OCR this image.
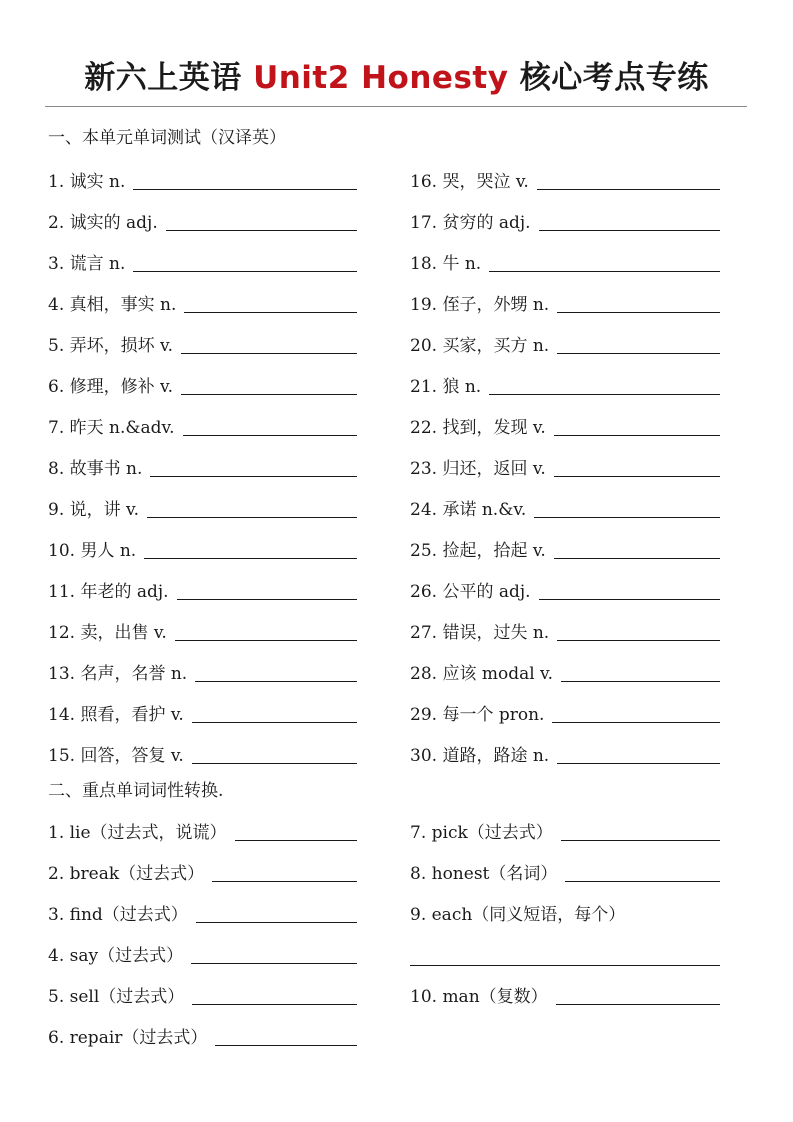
新六上英语 Unit2 Honesty 核心考点专练
一、本单元单词测试（汉译英）
1. 诚实 n.
2. 诚实的 adj.
3. 谎言 n.
4. 真相，事实 n.
5. 弄坏，损坏 v.
6. 修理，修补 v.
7. 昨天 n.&adv.
8. 故事书 n.
9. 说，讲 v.
10. 男人 n.
11. 年老的 adj.
12. 卖，出售 v.
13. 名声，名誉 n.
14. 照看，看护 v.
15. 回答，答复 v.
16. 哭，哭泣 v.
17. 贫穷的 adj.
18. 牛 n.
19. 侄子，外甥 n.
20. 买家，买方 n.
21. 狼 n.
22. 找到，发现 v.
23. 归还，返回 v.
24. 承诺 n.&v.
25. 捡起，拾起 v.
26. 公平的 adj.
27. 错误，过失 n.
28. 应该 modal v.
29. 每一个 pron.
30. 道路，路途 n.
二、重点单词词性转换.
1. lie（过去式，说谎）
2. break（过去式）
3. find（过去式）
4. say（过去式）
5. sell（过去式）
6. repair（过去式）
7. pick（过去式）
8. honest（名词）
9. each（同义短语，每个）
10. man（复数）
